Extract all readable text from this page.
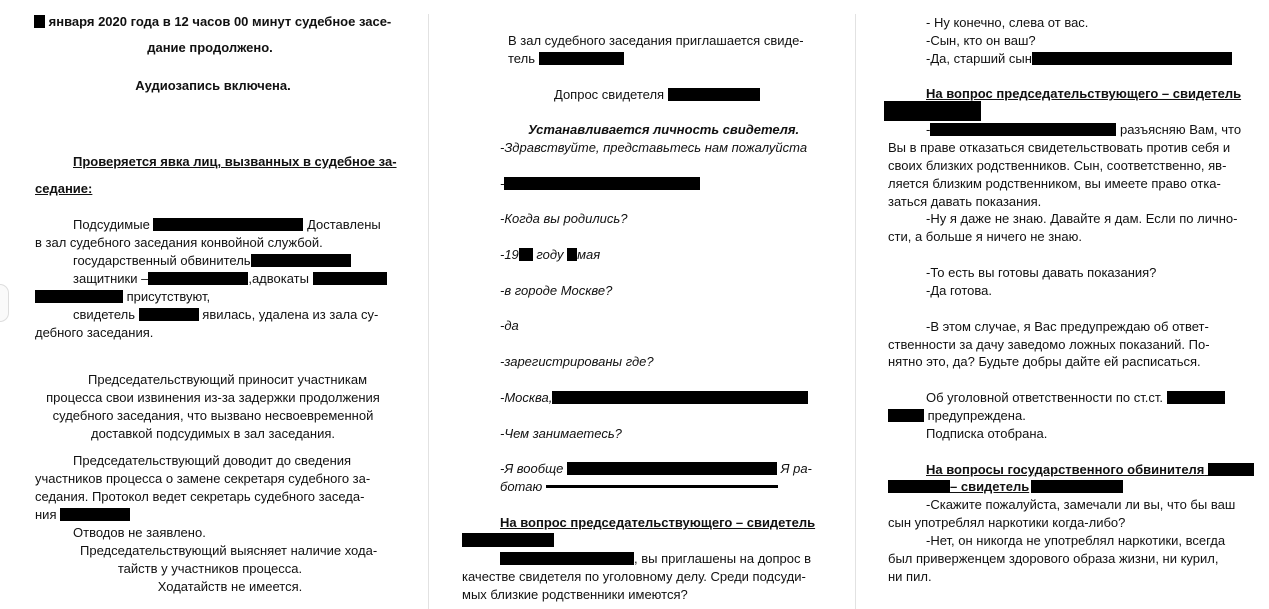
января 2020 года в 12 часов 00 минут судебное засе-
дание продолжено.
Аудиозапись включена.
Проверяется явка лиц, вызванных в судебное за-
седание:
Подсудимые	Доставлены
в зал судебного заседания конвойной службой.
государственный обвинитель
защитники –	,адвокаты
присутствуют,
свидетель	явилась, удалена из зала су-
дебного заседания.
Председательствующий приносит участникам
процесса свои извинения из-за задержки продолжения
судебного заседания, что вызвано несвоевременной
доставкой подсудимых в зал заседания.
Председательствующий доводит до сведения
участников процесса о замене секретаря судебного за-
седания. Протокол ведет секретарь судебного заседа-
ния
Отводов не заявлено.
Председательствующий выясняет наличие хода-
тайств у участников процесса.
Ходатайств не имеется.
В зал судебного заседания приглашается свиде-
тель
Допрос свидетеля
Устанавливается личность свидетеля.
-Здравствуйте, представьтесь нам пожалуйста
-
-Когда вы родились?
-19 году мая
-в городе Москве?
-да
-зарегистрированы где?
-Москва,
-Чем занимаетесь?
-Я вообще	Я ра-
ботаю
На вопрос председательствующего – свидетель
, вы приглашены на допрос в
качестве свидетеля по уголовному делу. Среди подсуди-
мых близкие родственники имеются?
- Ну конечно, слева от вас.
-Сын, кто он ваш?
-Да, старший сын
На вопрос председательствующего – свидетель
-	разъясняю Вам, что
Вы в праве отказаться свидетельствовать против себя и
своих близких родственников. Сын, соответственно, яв-
ляется близким родственником, вы имеете право отка-
заться давать показания.
-Ну я даже не знаю. Давайте я дам. Если по лично-
сти, а больше я ничего не знаю.
-То есть вы готовы давать показания?
-Да готова.
-В этом случае, я Вас предупреждаю об ответ-
ственности за дачу заведомо ложных показаний. По-
нятно это, да? Будьте добры дайте ей расписаться.
Об уголовной ответственности по ст.ст.
предупреждена.
Подписка отобрана.
На вопросы государственного обвинителя
– свидетель
-Скажите пожалуйста, замечали ли вы, что бы ваш
сын употреблял наркотики когда-либо?
-Нет, он никогда не употреблял наркотики, всегда
был приверженцем здорового образа жизни, ни курил,
ни пил.
